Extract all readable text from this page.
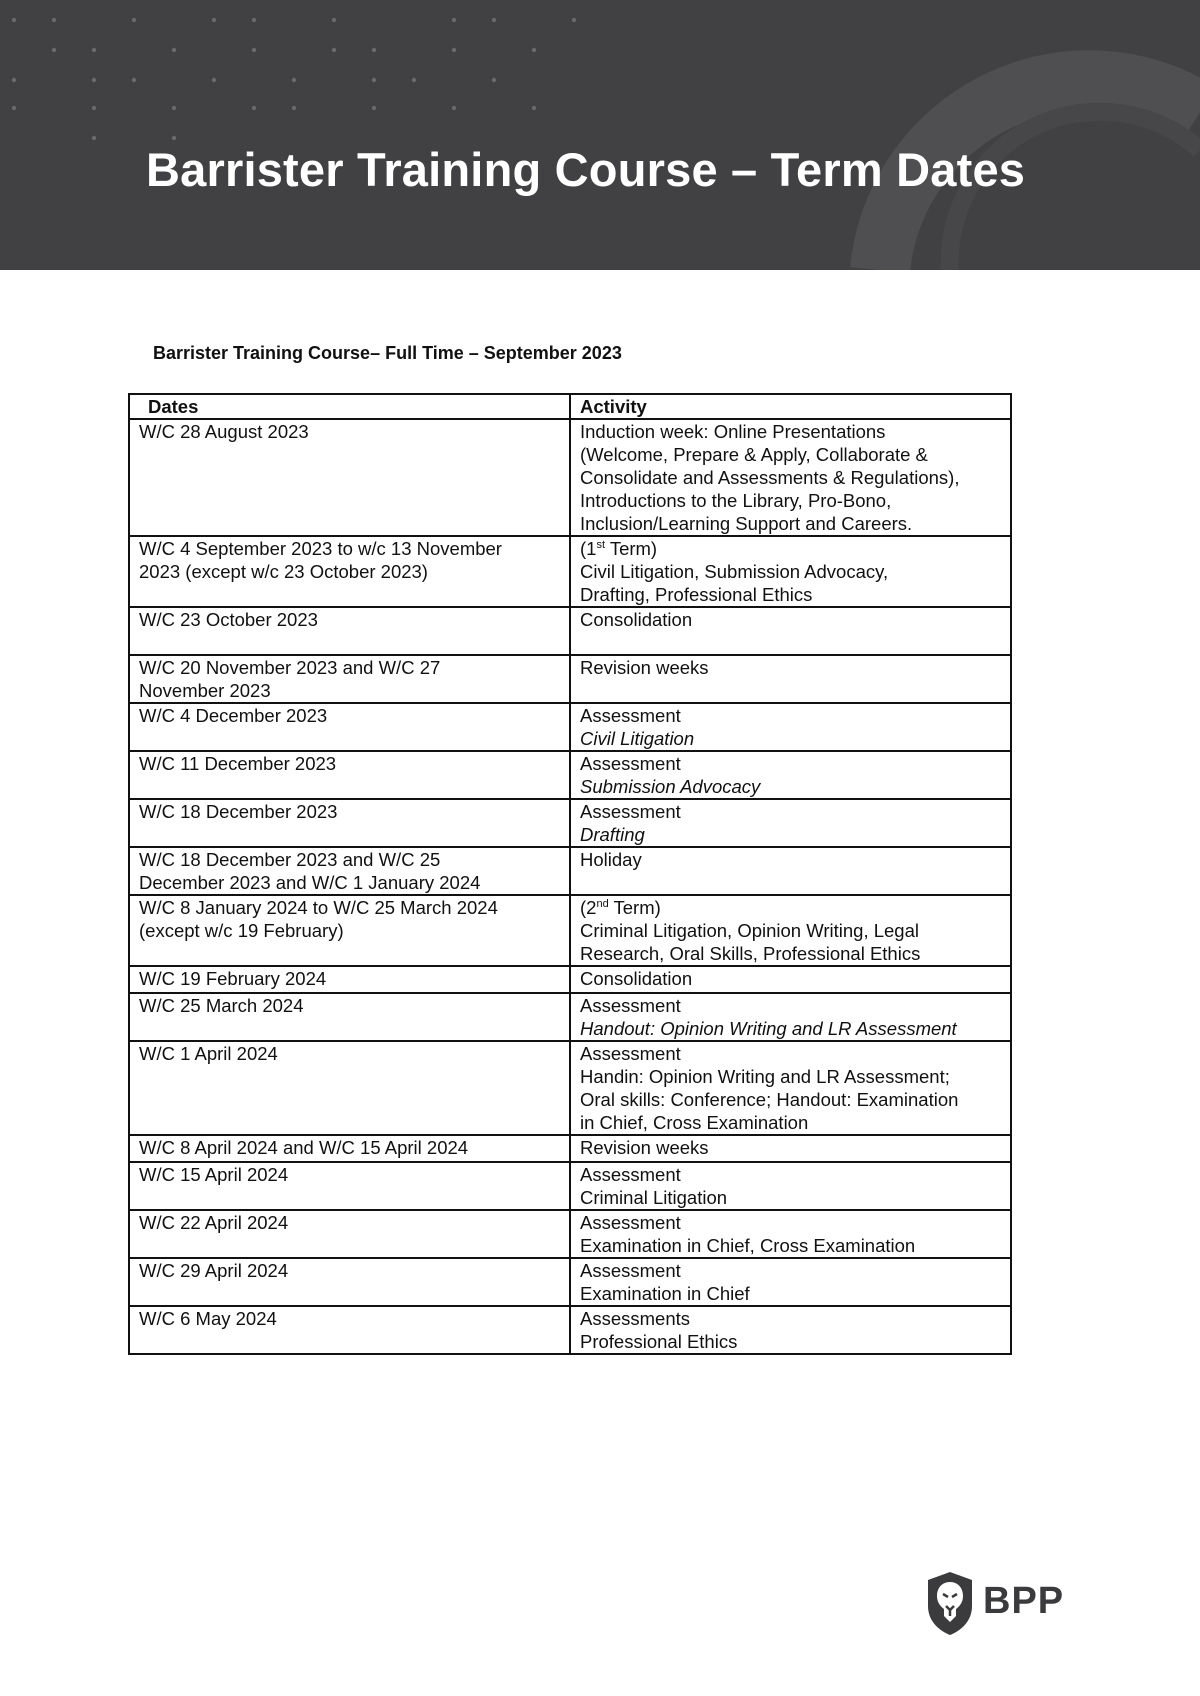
Barrister Training Course – Term Dates

Barrister Training Course– Full Time – September 2023

Dates	Activity
W/C 28 August 2023	Induction week: Online Presentations
(Welcome, Prepare & Apply, Collaborate &
Consolidate and Assessments & Regulations),
Introductions to the Library, Pro-Bono,
Inclusion/Learning Support and Careers.

W/C 4 September 2023 to w/c 13 November
2023 (except w/c 23 October 2023)	(1st Term)
Civil Litigation, Submission Advocacy,
Drafting, Professional Ethics

W/C 23 October 2023	Consolidation

W/C 20 November 2023 and W/C 27
November 2023	Revision weeks
W/C 4 December 2023	Assessment
Civil Litigation

W/C 11 December 2023	Assessment
Submission Advocacy

W/C 18 December 2023	Assessment
Drafting

W/C 18 December 2023 and W/C 25
December 2023 and W/C 1 January 2024	Holiday

W/C 8 January 2024 to W/C 25 March 2024
(except w/c 19 February)	(2nd Term)
Criminal Litigation, Opinion Writing, Legal
Research, Oral Skills, Professional Ethics

W/C 19 February 2024	Consolidation
W/C 25 March 2024	Assessment
Handout: Opinion Writing and LR Assessment

W/C 1 April 2024	Assessment
Handin: Opinion Writing and LR Assessment;
Oral skills: Conference; Handout: Examination
in Chief, Cross Examination

W/C 8 April 2024 and W/C 15 April 2024	Revision weeks
W/C 15 April 2024	Assessment
Criminal Litigation

W/C 22 April 2024	Assessment
Examination in Chief, Cross Examination

W/C 29 April 2024	Assessment
Examination in Chief

W/C 6 May 2024	Assessments
Professional Ethics
BPP
